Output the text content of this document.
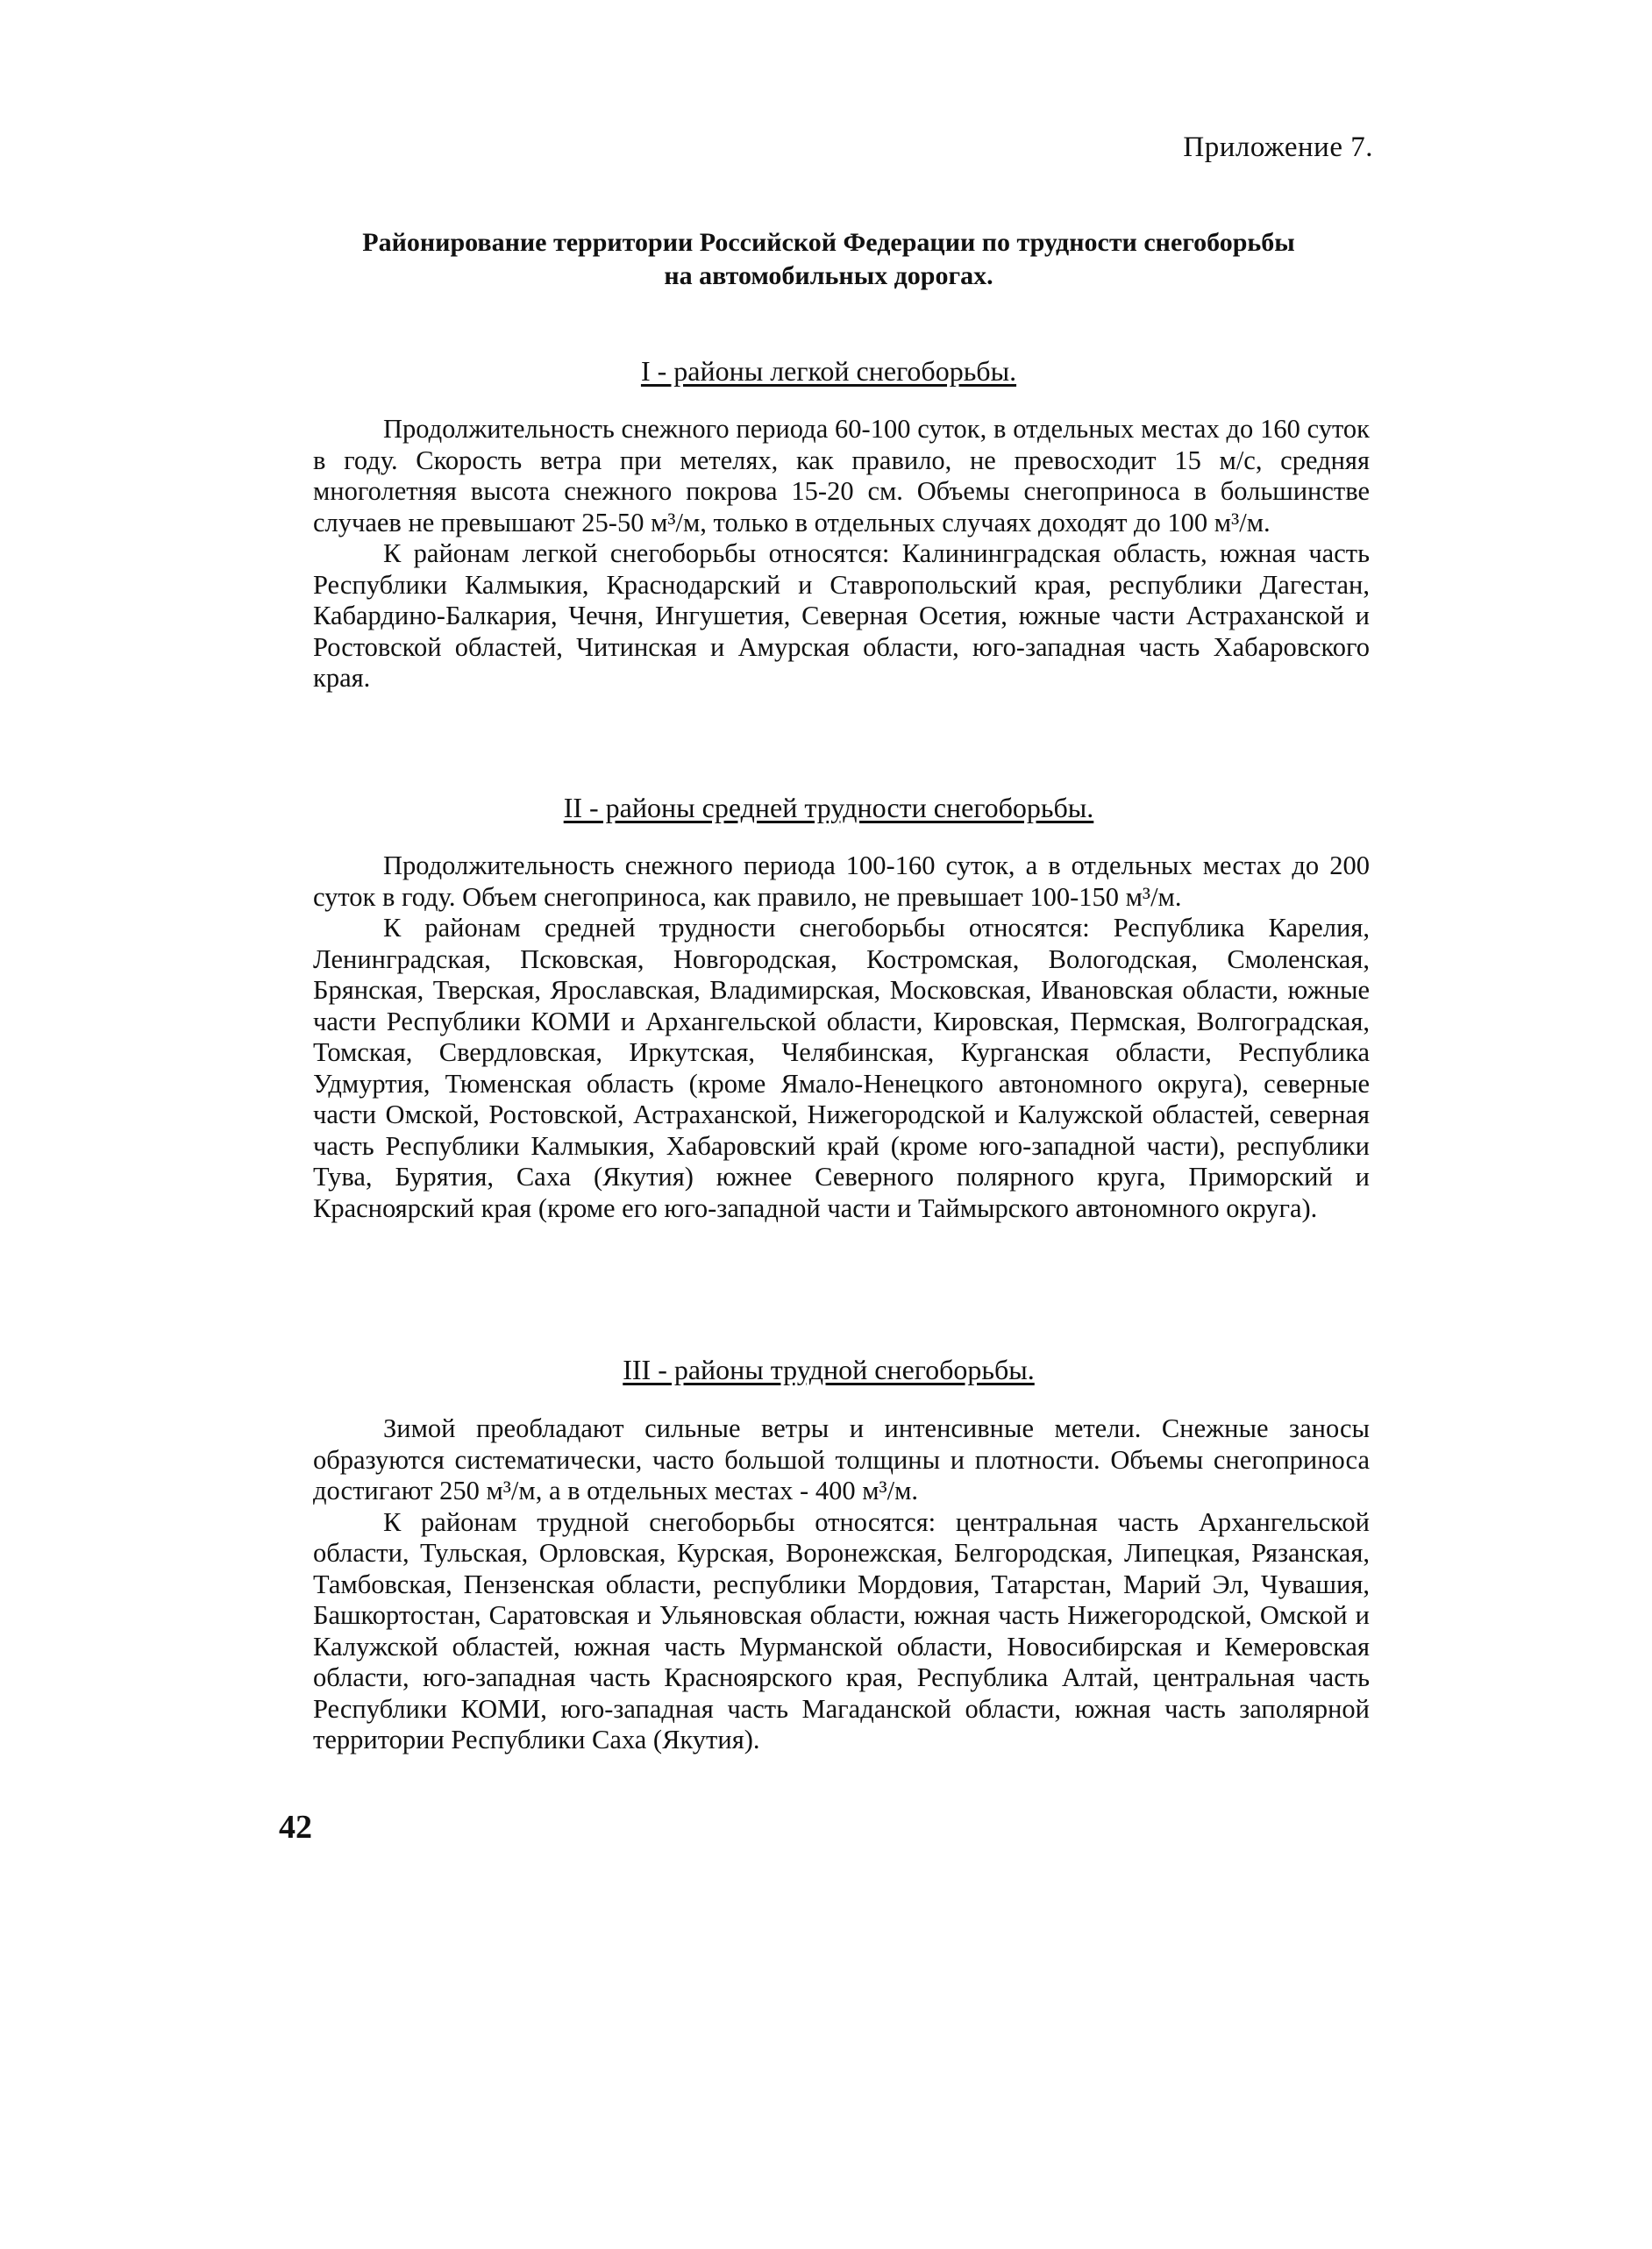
Приложение 7.
Районирование территории Российской Федерации по трудности снегоборьбы
на автомобильных дорогах.
I - районы легкой снегоборьбы.

Продолжительность снежного периода 60-100 суток, в отдельных местах до 160 суток в году. Скорость ветра при метелях, как правило, не превосходит 15 м/с, средняя многолетняя высота снежного покрова 15-20 см. Объемы снегоприноса в большинстве случаев не превышают 25-50 м³/м, только в отдельных случаях доходят до 100 м³/м.

К районам легкой снегоборьбы относятся: Калининградская область, южная часть Республики Калмыкия, Краснодарский и Ставропольский края, республики Дагестан, Кабардино-Балкария, Чечня, Ингушетия, Северная Осетия, южные части Астраханской и Ростовской областей, Читинская и Амурская области, юго-западная часть Хабаровского края.

II - районы средней трудности снегоборьбы.

Продолжительность снежного периода 100-160 суток, а в отдельных местах до 200 суток в году. Объем снегоприноса, как правило, не превышает 100-150 м³/м.

К районам средней трудности снегоборьбы относятся: Республика Карелия, Ленинградская, Псковская, Новгородская, Костромская, Вологодская, Смоленская, Брянская, Тверская, Ярославская, Владимирская, Московская, Ивановская области, южные части Республики КОМИ и Архангельской области, Кировская, Пермская, Волгоградская, Томская, Свердловская, Иркутская, Челябинская, Курганская области, Республика Удмуртия, Тюменская область (кроме Ямало-Ненецкого автономного округа), северные части Омской, Ростовской, Астраханской, Нижегородской и Калужской областей, северная часть Республики Калмыкия, Хабаровский край (кроме юго-западной части), республики Тува, Бурятия, Саха (Якутия) южнее Северного полярного круга, Приморский и Красноярский края (кроме его юго-западной части и Таймырского автономного округа).

III - районы трудной снегоборьбы.

Зимой преобладают сильные ветры и интенсивные метели. Снежные заносы образуются систематически, часто большой толщины и плотности. Объемы снегоприноса достигают 250 м³/м, а в отдельных местах - 400 м³/м.

К районам трудной снегоборьбы относятся: центральная часть Архангельской области, Тульская, Орловская, Курская, Воронежская, Белгородская, Липецкая, Рязанская, Тамбовская, Пензенская области, республики Мордовия, Татарстан, Марий Эл, Чувашия, Башкортостан, Саратовская и Ульяновская области, южная часть Нижегородской, Омской и Калужской областей, южная часть Мурманской области, Новосибирская и Кемеровская области, юго-западная часть Красноярского края, Республика Алтай, центральная часть Республики КОМИ, юго-западная часть Магаданской области, южная часть заполярной территории Республики Саха (Якутия).

42
